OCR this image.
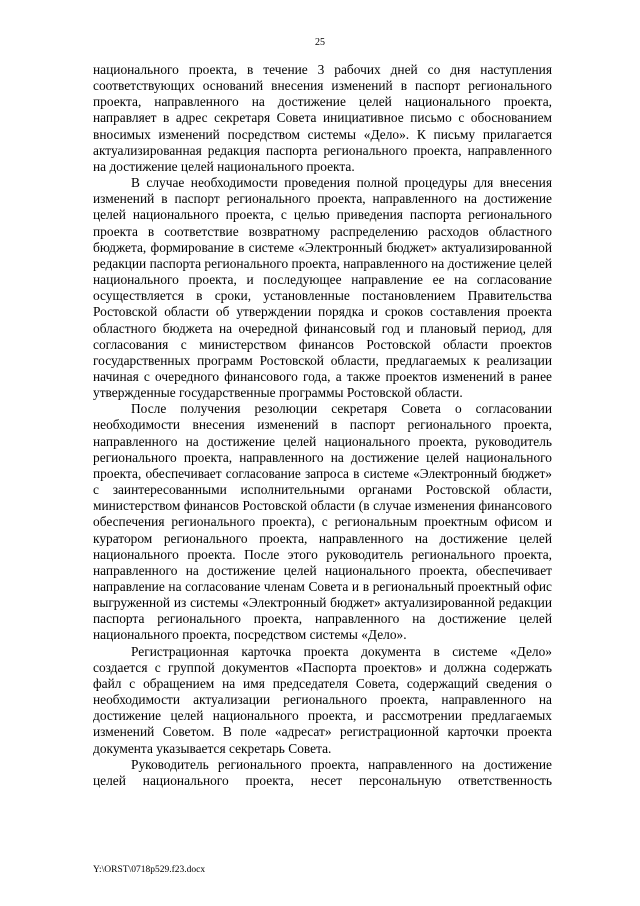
25

национального проекта, в течение 3 рабочих дней со дня наступления соответствующих оснований внесения изменений в паспорт регионального проекта, направленного на достижение целей национального проекта, направляет в адрес секретаря Совета инициативное письмо с обоснованием вносимых изменений посредством системы «Дело». К письму прилагается актуализированная редакция паспорта регионального проекта, направленного на достижение целей национального проекта.

В случае необходимости проведения полной процедуры для внесения изменений в паспорт регионального проекта, направленного на достижение целей национального проекта, с целью приведения паспорта регионального проекта в соответствие возвратному распределению расходов областного бюджета, формирование в системе «Электронный бюджет» актуализированной редакции паспорта регионального проекта, направленного на достижение целей национального проекта, и последующее направление ее на согласование осуществляется в сроки, установленные постановлением Правительства Ростовской области об утверждении порядка и сроков составления проекта областного бюджета на очередной финансовый год и плановый период, для согласования с министерством финансов Ростовской области проектов государственных программ Ростовской области, предлагаемых к реализации начиная с очередного финансового года, а также проектов изменений в ранее утвержденные государственные программы Ростовской области.

После получения резолюции секретаря Совета о согласовании необходимости внесения изменений в паспорт регионального проекта, направленного на достижение целей национального проекта, руководитель регионального проекта, направленного на достижение целей национального проекта, обеспечивает согласование запроса в системе «Электронный бюджет» с заинтересованными исполнительными органами Ростовской области, министерством финансов Ростовской области (в случае изменения финансового обеспечения регионального проекта), с региональным проектным офисом и куратором регионального проекта, направленного на достижение целей национального проекта. После этого руководитель регионального проекта, направленного на достижение целей национального проекта, обеспечивает направление на согласование членам Совета и в региональный проектный офис выгруженной из системы «Электронный бюджет» актуализированной редакции паспорта регионального проекта, направленного на достижение целей национального проекта, посредством системы «Дело».

Регистрационная карточка проекта документа в системе «Дело» создается с группой документов «Паспорта проектов» и должна содержать файл с обращением на имя председателя Совета, содержащий сведения о необходимости актуализации регионального проекта, направленного на достижение целей национального проекта, и рассмотрении предлагаемых изменений Советом. В поле «адресат» регистрационной карточки проекта документа указывается секретарь Совета.

Руководитель регионального проекта, направленного на достижение целей национального проекта, несет персональную ответственность

Y:\ORST\0718p529.f23.docx
